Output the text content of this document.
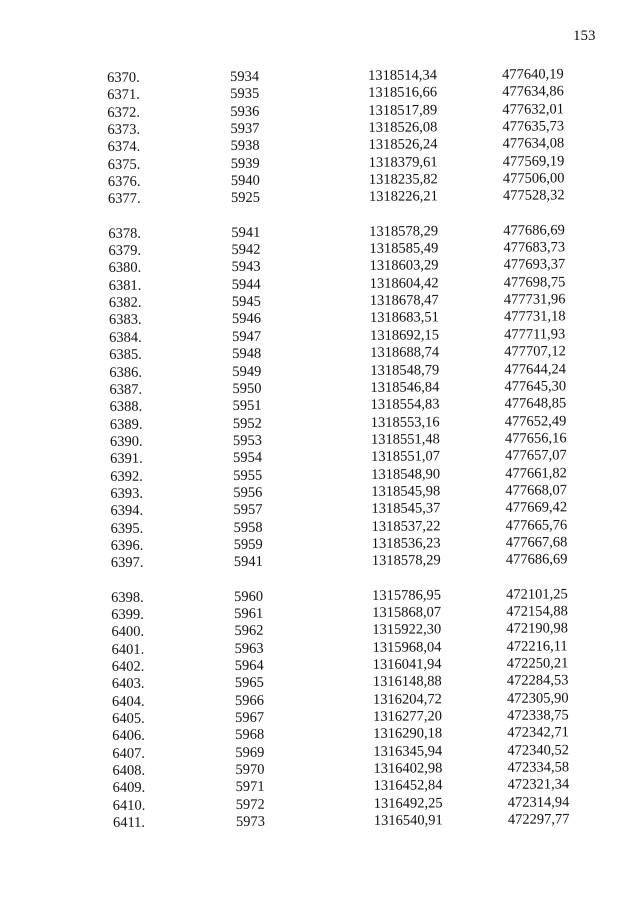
153
6370.	5934	1318514,34	477640,19
6371.	5935	1318516,66	477634,86
6372.	5936	1318517,89	477632,01
6373.	5937	1318526,08	477635,73
6374.	5938	1318526,24	477634,08
6375.	5939	1318379,61	477569,19
6376.	5940	1318235,82	477506,00
6377.	5925	1318226,21	477528,32
6378.	5941	1318578,29	477686,69
6379.	5942	1318585,49	477683,73
6380.	5943	1318603,29	477693,37
6381.	5944	1318604,42	477698,75
6382.	5945	1318678,47	477731,96
6383.	5946	1318683,51	477731,18
6384.	5947	1318692,15	477711,93
6385.	5948	1318688,74	477707,12
6386.	5949	1318548,79	477644,24
6387.	5950	1318546,84	477645,30
6388.	5951	1318554,83	477648,85
6389.	5952	1318553,16	477652,49
6390.	5953	1318551,48	477656,16
6391.	5954	1318551,07	477657,07
6392.	5955	1318548,90	477661,82
6393.	5956	1318545,98	477668,07
6394.	5957	1318545,37	477669,42
6395.	5958	1318537,22	477665,76
6396.	5959	1318536,23	477667,68
6397.	5941	1318578,29	477686,69
6398.	5960	1315786,95	472101,25
6399.	5961	1315868,07	472154,88
6400.	5962	1315922,30	472190,98
6401.	5963	1315968,04	472216,11
6402.	5964	1316041,94	472250,21
6403.	5965	1316148,88	472284,53
6404.	5966	1316204,72	472305,90
6405.	5967	1316277,20	472338,75
6406.	5968	1316290,18	472342,71
6407.	5969	1316345,94	472340,52
6408.	5970	1316402,98	472334,58
6409.	5971	1316452,84	472321,34
6410.	5972	1316492,25	472314,94
6411.	5973	1316540,91	472297,77
